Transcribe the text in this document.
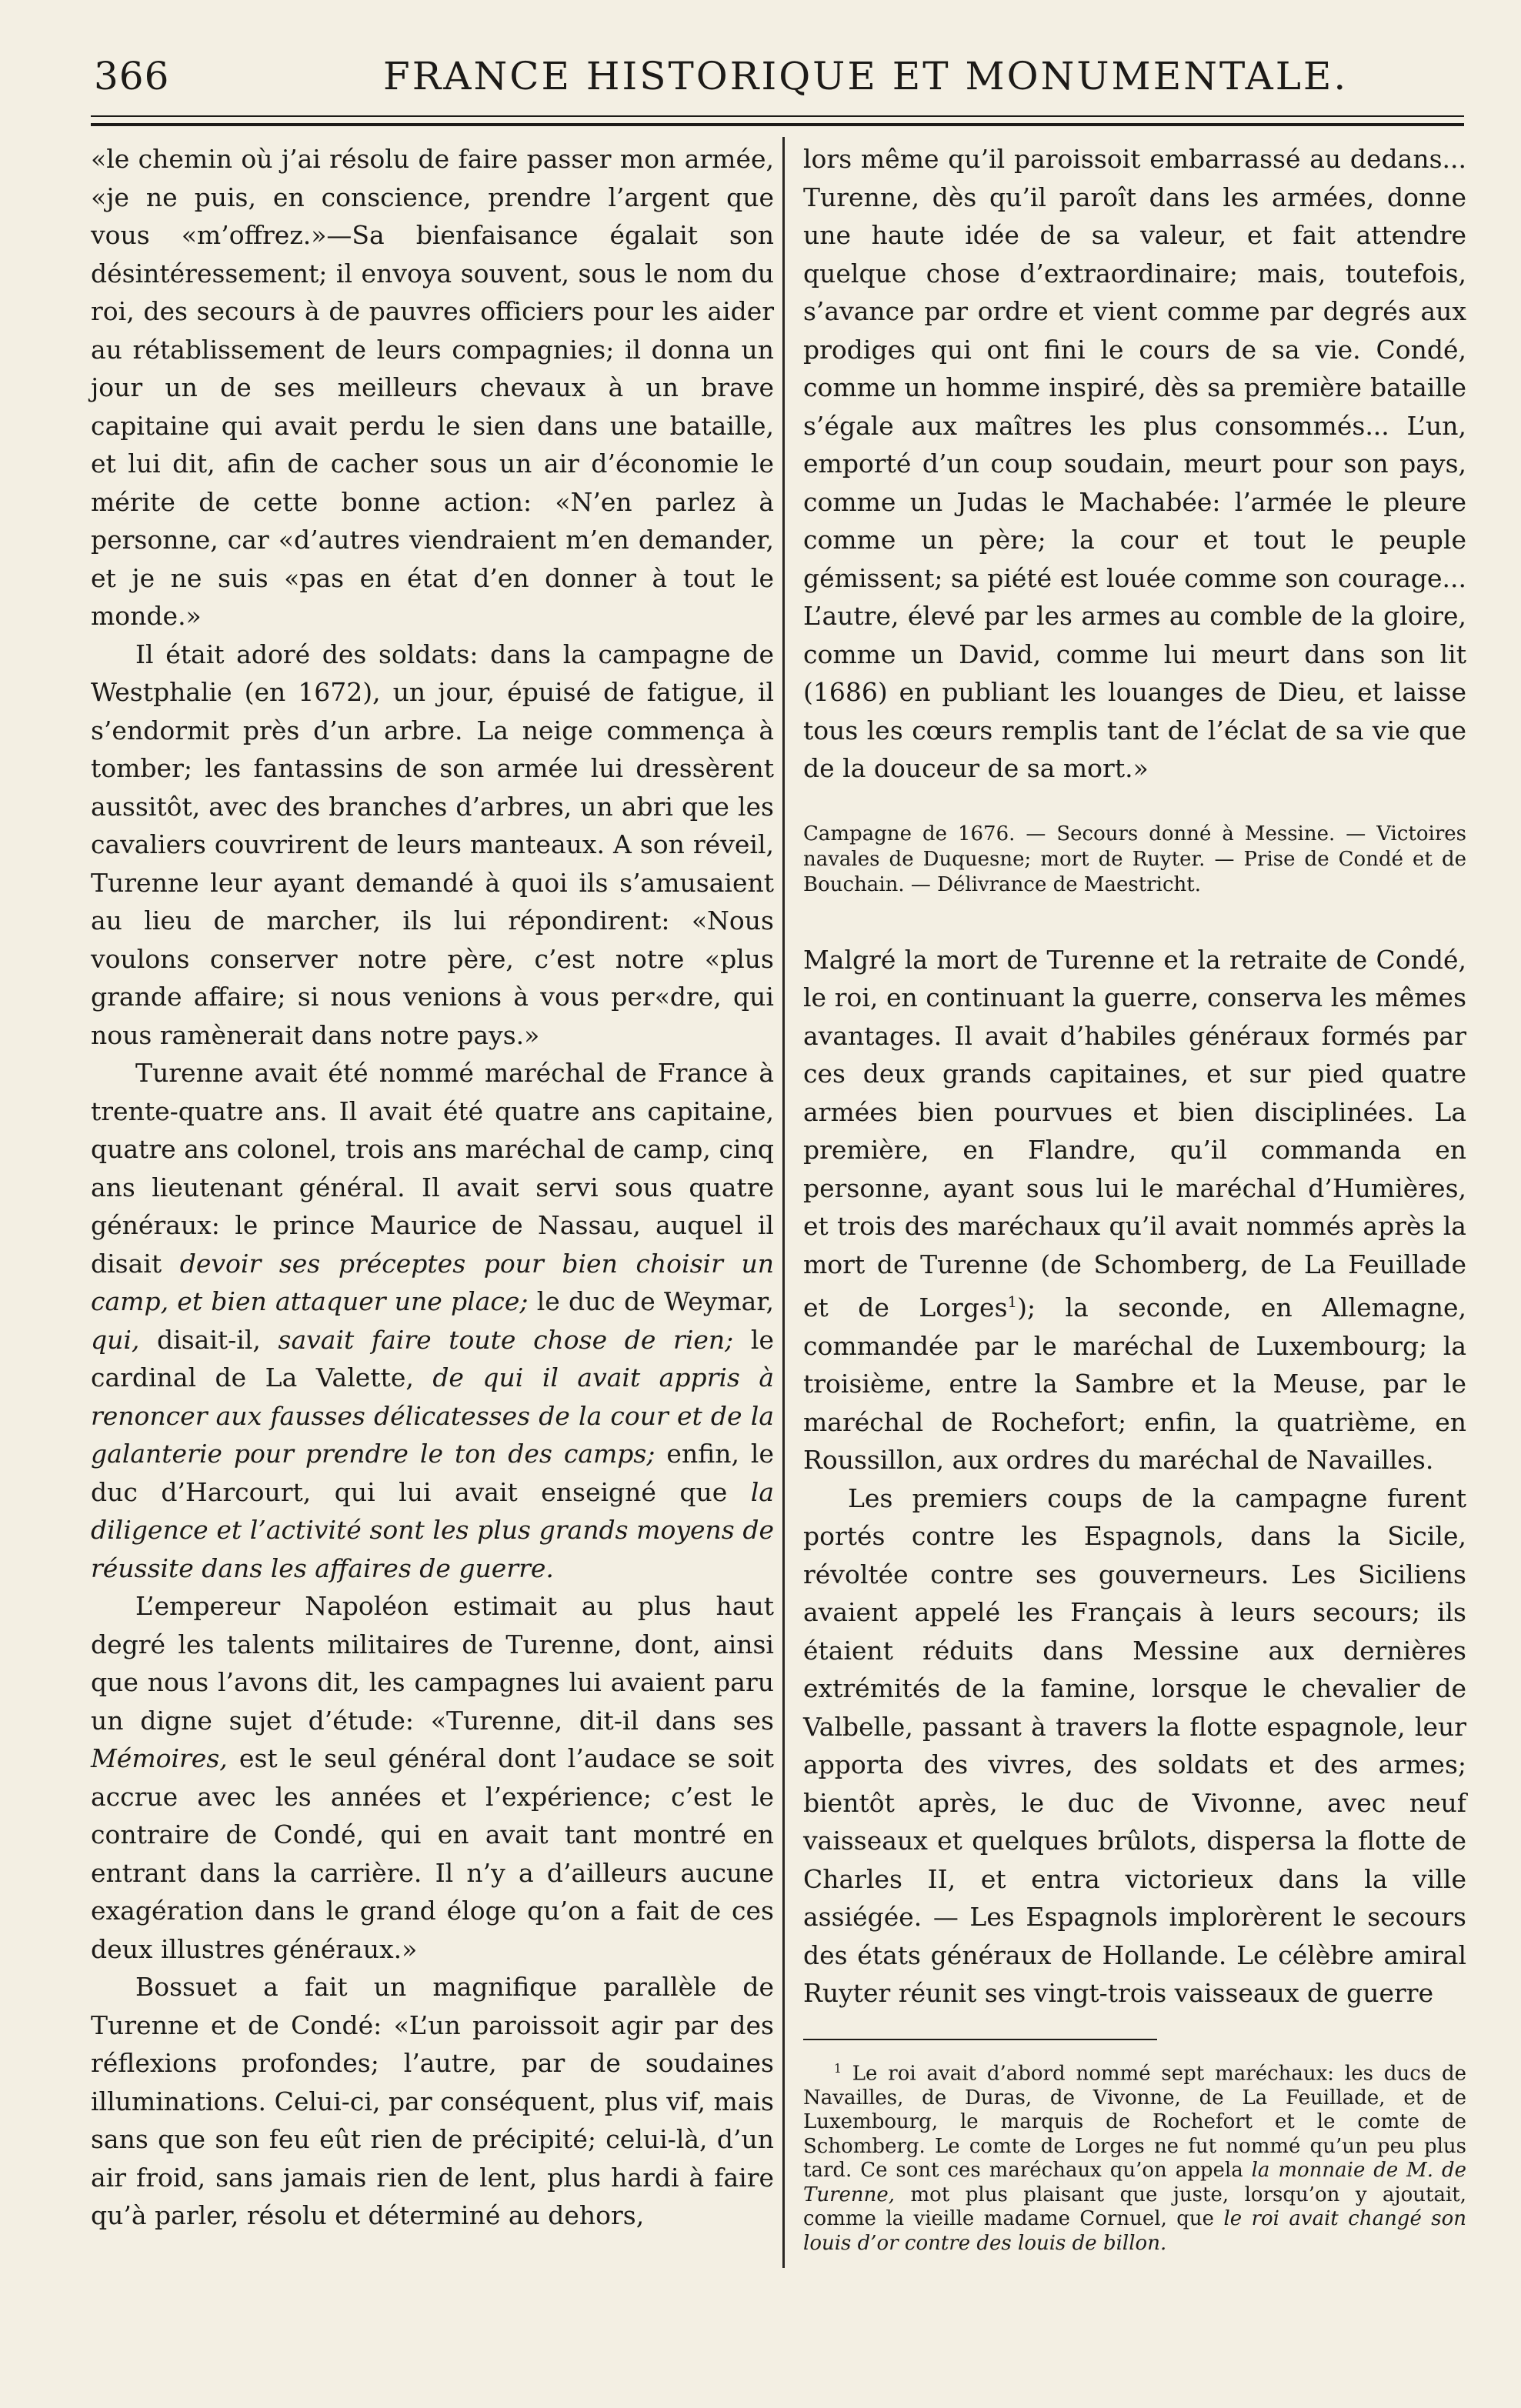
366	FRANCE HISTORIQUE ET MONUMENTALE.

«le chemin où j’ai résolu de faire passer mon armée, «je ne puis, en conscience, prendre l’argent que vous «m’offrez.»—Sa bienfaisance égalait son désintéressement; il envoya souvent, sous le nom du roi, des secours à de pauvres officiers pour les aider au rétablissement de leurs compagnies; il donna un jour un de ses meilleurs chevaux à un brave capitaine qui avait perdu le sien dans une bataille, et lui dit, afin de cacher sous un air d’économie le mérite de cette bonne action: «N’en parlez à personne, car «d’autres viendraient m’en demander, et je ne suis «pas en état d’en donner à tout le monde.»

Il était adoré des soldats: dans la campagne de Westphalie (en 1672), un jour, épuisé de fatigue, il s’endormit près d’un arbre. La neige commença à tomber; les fantassins de son armée lui dressèrent aussitôt, avec des branches d’arbres, un abri que les cavaliers couvrirent de leurs manteaux. A son réveil, Turenne leur ayant demandé à quoi ils s’amusaient au lieu de marcher, ils lui répondirent: «Nous voulons conserver notre père, c’est notre «plus grande affaire; si nous venions à vous per«dre, qui nous ramènerait dans notre pays.»

Turenne avait été nommé maréchal de France à trente-quatre ans. Il avait été quatre ans capitaine, quatre ans colonel, trois ans maréchal de camp, cinq ans lieutenant général. Il avait servi sous quatre généraux: le prince Maurice de Nassau, auquel il disait devoir ses préceptes pour bien choisir un camp, et bien attaquer une place; le duc de Weymar, qui, disait-il, savait faire toute chose de rien; le cardinal de La Valette, de qui il avait appris à renoncer aux fausses délicatesses de la cour et de la galanterie pour prendre le ton des camps; enfin, le duc d’Harcourt, qui lui avait enseigné que la diligence et l’activité sont les plus grands moyens de réussite dans les affaires de guerre.

L’empereur Napoléon estimait au plus haut degré les talents militaires de Turenne, dont, ainsi que nous l’avons dit, les campagnes lui avaient paru un digne sujet d’étude: «Turenne, dit-il dans ses Mémoires, est le seul général dont l’audace se soit accrue avec les années et l’expérience; c’est le contraire de Condé, qui en avait tant montré en entrant dans la carrière. Il n’y a d’ailleurs aucune exagération dans le grand éloge qu’on a fait de ces deux illustres généraux.»

Bossuet a fait un magnifique parallèle de Turenne et de Condé: «L’un paroissoit agir par des réflexions profondes; l’autre, par de soudaines illuminations. Celui-ci, par conséquent, plus vif, mais sans que son feu eût rien de précipité; celui-là, d’un air froid, sans jamais rien de lent, plus hardi à faire qu’à parler, résolu et déterminé au dehors,

lors même qu’il paroissoit embarrassé au dedans... Turenne, dès qu’il paroît dans les armées, donne une haute idée de sa valeur, et fait attendre quelque chose d’extraordinaire; mais, toutefois, s’avance par ordre et vient comme par degrés aux prodiges qui ont fini le cours de sa vie. Condé, comme un homme inspiré, dès sa première bataille s’égale aux maîtres les plus consommés... L’un, emporté d’un coup soudain, meurt pour son pays, comme un Judas le Machabée: l’armée le pleure comme un père; la cour et tout le peuple gémissent; sa piété est louée comme son courage... L’autre, élevé par les armes au comble de la gloire, comme un David, comme lui meurt dans son lit (1686) en publiant les louanges de Dieu, et laisse tous les cœurs remplis tant de l’éclat de sa vie que de la douceur de sa mort.»

Campagne de 1676. — Secours donné à Messine. — Victoires navales de Duquesne; mort de Ruyter. — Prise de Condé et de Bouchain. — Délivrance de Maestricht.

Malgré la mort de Turenne et la retraite de Condé, le roi, en continuant la guerre, conserva les mêmes avantages. Il avait d’habiles généraux formés par ces deux grands capitaines, et sur pied quatre armées bien pourvues et bien disciplinées. La première, en Flandre, qu’il commanda en personne, ayant sous lui le maréchal d’Humières, et trois des maréchaux qu’il avait nommés après la mort de Turenne (de Schomberg, de La Feuillade et de Lorges$^1$); la seconde, en Allemagne, commandée par le maréchal de Luxembourg; la troisième, entre la Sambre et la Meuse, par le maréchal de Rochefort; enfin, la quatrième, en Roussillon, aux ordres du maréchal de Navailles.

Les premiers coups de la campagne furent portés contre les Espagnols, dans la Sicile, révoltée contre ses gouverneurs. Les Siciliens avaient appelé les Français à leurs secours; ils étaient réduits dans Messine aux dernières extrémités de la famine, lorsque le chevalier de Valbelle, passant à travers la flotte espagnole, leur apporta des vivres, des soldats et des armes; bientôt après, le duc de Vivonne, avec neuf vaisseaux et quelques brûlots, dispersa la flotte de Charles II, et entra victorieux dans la ville assiégée. — Les Espagnols implorèrent le secours des états généraux de Hollande. Le célèbre amiral Ruyter réunit ses vingt-trois vaisseaux de guerre

$^1$ Le roi avait d’abord nommé sept maréchaux: les ducs de Navailles, de Duras, de Vivonne, de La Feuillade, et de Luxembourg, le marquis de Rochefort et le comte de Schomberg. Le comte de Lorges ne fut nommé qu’un peu plus tard. Ce sont ces maréchaux qu’on appela la monnaie de M. de Turenne, mot plus plaisant que juste, lorsqu’on y ajoutait, comme la vieille madame Cornuel, que le roi avait changé son louis d’or contre des louis de billon.
